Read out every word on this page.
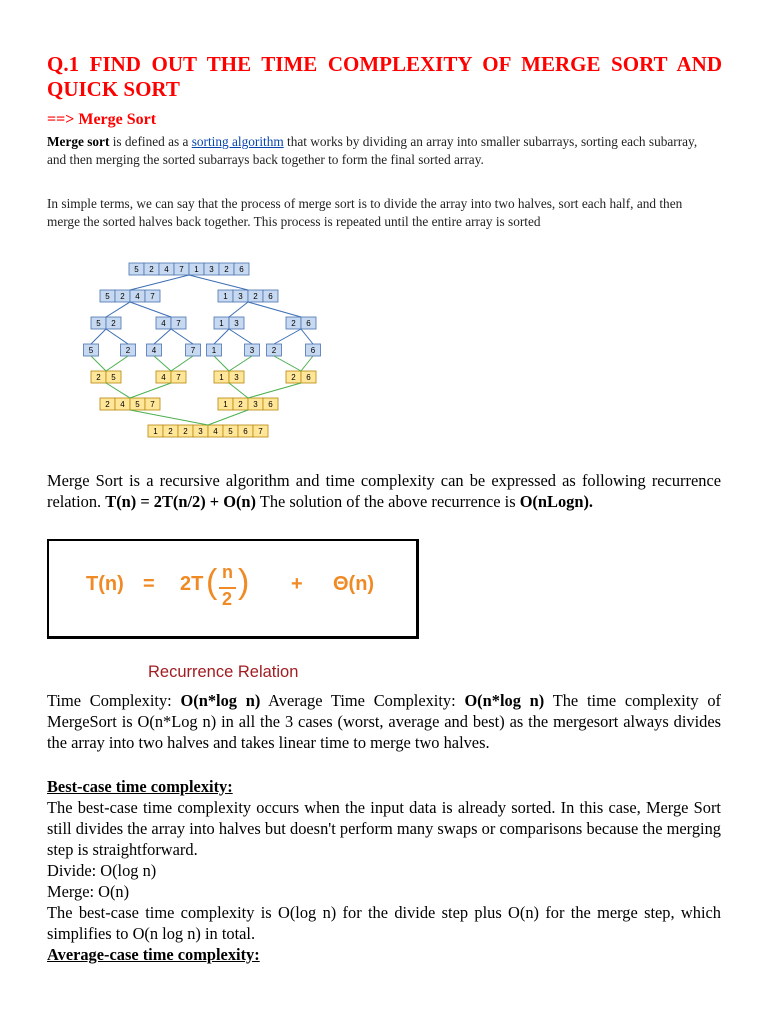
Q.1 FIND OUT THE TIME COMPLEXITY OF MERGE SORT AND QUICK SORT
==> Merge Sort

Merge sort is defined as a sorting algorithm that works by dividing an array into smaller subarrays, sorting each subarray, and then merging the sorted subarrays back together to form the final sorted array.

In simple terms, we can say that the process of merge sort is to divide the array into two halves, sort each half, and then merge the sorted halves back together. This process is repeated until the entire array is sorted

5 2 4 7 1 3 2 6
5 2 4 7	1 3 2 6
5 2	4 7	1 3	2 6
5	2	4	7 1	3 2	6
2 5	4 7	1 3	2 6
2 4 5 7	1 2 3 6
1 2 2 3 4 5 6 7

Merge Sort is a recursive algorithm and time complexity can be expressed as following recurrence relation. T(n) = 2T(n/2) + O(n) The solution of the above recurrence is O(nLogn).

T(n) = 2T ( n
2 ) + Θ(n)

Recurrence Relation

Time Complexity: O(n*log n) Average Time Complexity: O(n*log n) The time complexity of MergeSort is O(n*Log n) in all the 3 cases (worst, average and best) as the mergesort always divides the array into two halves and takes linear time to merge two halves.

Best-case time complexity:

The best-case time complexity occurs when the input data is already sorted. In this case, Merge Sort still divides the array into halves but doesn't perform many swaps or comparisons because the merging step is straightforward.

Divide: O(log n)

Merge: O(n)

The best-case time complexity is O(log n) for the divide step plus O(n) for the merge step, which simplifies to O(n log n) in total.

Average-case time complexity:
